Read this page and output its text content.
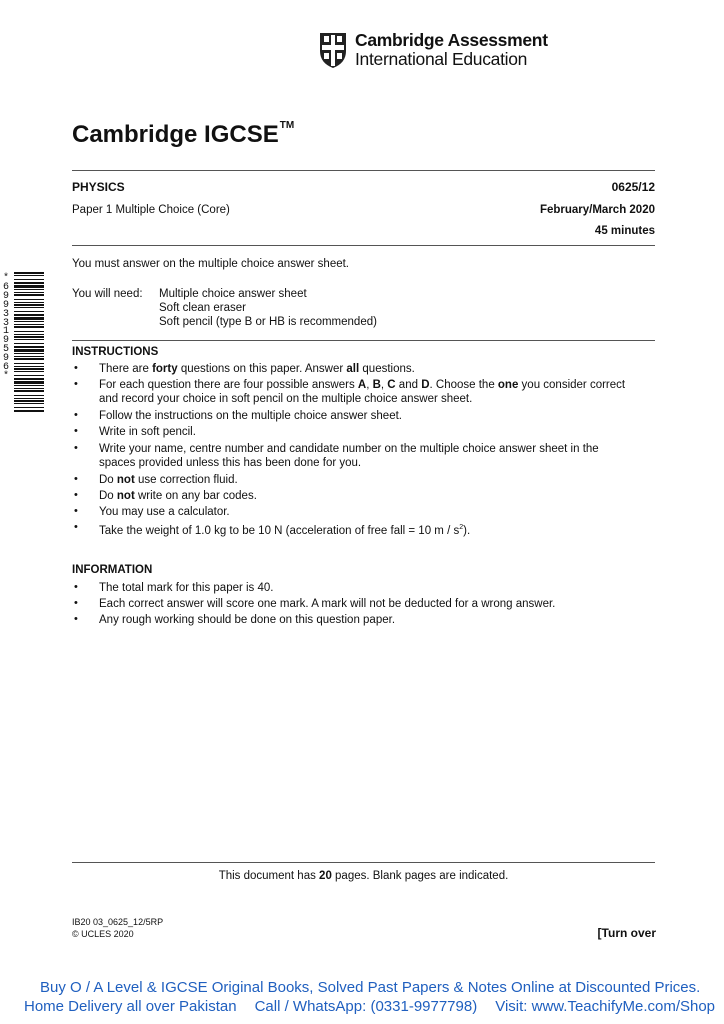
Cambridge Assessment
International Education
Cambridge IGCSE™
PHYSICS	0625/12
Paper 1 Multiple Choice (Core)	February/March 2020
45 minutes
You must answer on the multiple choice answer sheet.
You will need: Multiple choice answer sheet
Soft clean eraser
Soft pencil (type B or HB is recommended)
*
6
9
9
3
3
1
9
5
9
6
*
INSTRUCTIONS
• There are forty questions on this paper. Answer all questions.
• For each question there are four possible answers A, B, C and D. Choose the one you consider correct
and record your choice in soft pencil on the multiple choice answer sheet.
• Follow the instructions on the multiple choice answer sheet.
• Write in soft pencil.
• Write your name, centre number and candidate number on the multiple choice answer sheet in the
spaces provided unless this has been done for you.
• Do not use correction fluid.
• Do not write on any bar codes.
• You may use a calculator.
• Take the weight of 1.0 kg to be 10 N (acceleration of free fall = 10 m / $s^2$).
INFORMATION
• The total mark for this paper is 40.
• Each correct answer will score one mark. A mark will not be deducted for a wrong answer.
• Any rough working should be done on this question paper.
This document has 20 pages. Blank pages are indicated.
IB20 03_0625_12/5RP
© UCLES 2020	[Turn over
Buy O / A Level & IGCSE Original Books, Solved Past Papers & Notes Online at Discounted Prices.
Home Delivery all over Pakistan Call / WhatsApp: (0331-9977798) Visit: www.TeachifyMe.com/Shop
